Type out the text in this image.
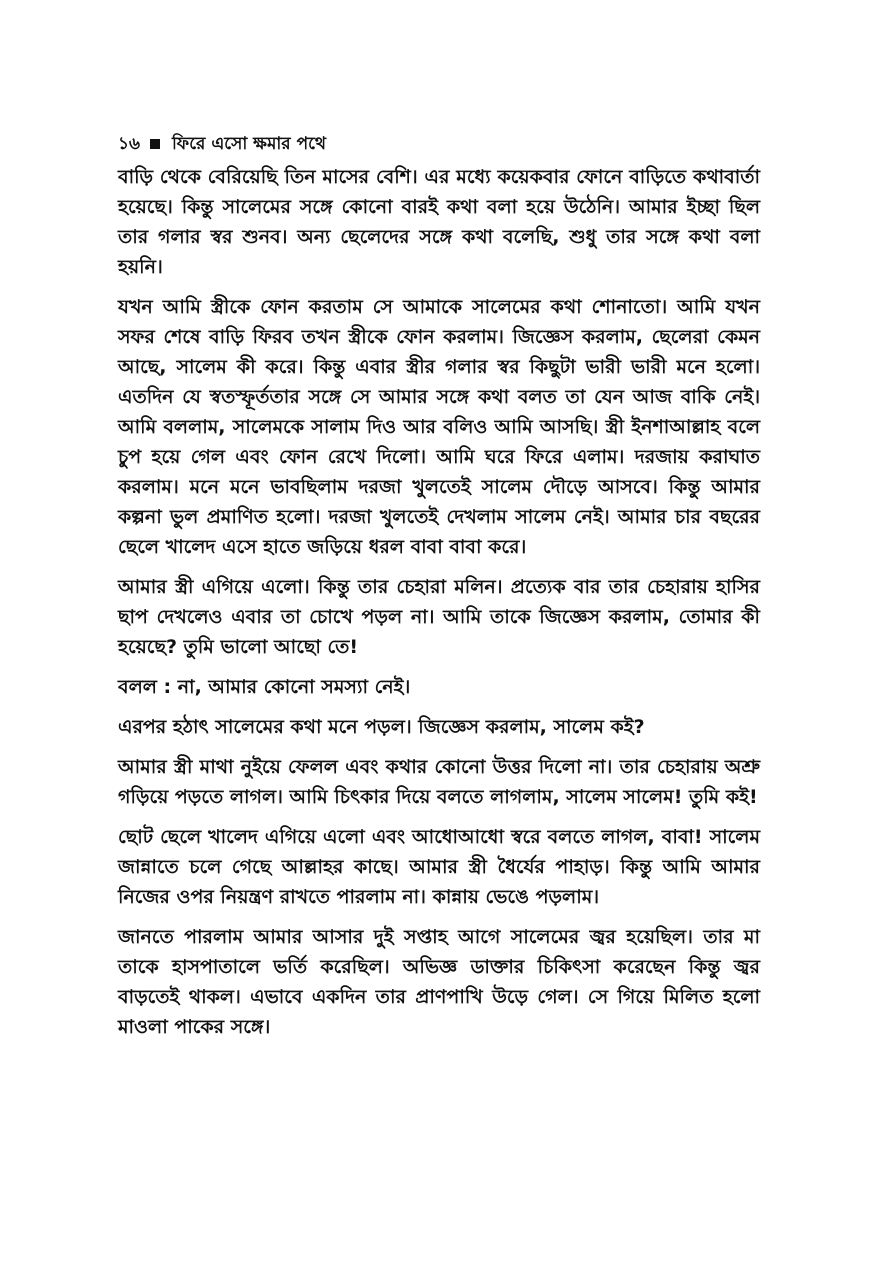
১৬ ফিরে এসো ক্ষমার পথে

বাড়ি থেকে বেরিয়েছি তিন মাসের বেশি। এর মধ্যে কয়েকবার ফোনে বাড়িতে কথাবার্তা হয়েছে। কিন্তু সালেমের সঙ্গে কোনো বারই কথা বলা হয়ে উঠেনি। আমার ইচ্ছা ছিল তার গলার স্বর শুনব। অন্য ছেলেদের সঙ্গে কথা বলেছি, শুধু তার সঙ্গে কথা বলা হয়নি।

যখন আমি স্ত্রীকে ফোন করতাম সে আমাকে সালেমের কথা শোনাতো। আমি যখন সফর শেষে বাড়ি ফিরব তখন স্ত্রীকে ফোন করলাম। জিজ্ঞেস করলাম, ছেলেরা কেমন আছে, সালেম কী করে। কিন্তু এবার স্ত্রীর গলার স্বর কিছুটা ভারী ভারী মনে হলো। এতদিন যে স্বতস্ফূর্ততার সঙ্গে সে আমার সঙ্গে কথা বলত তা যেন আজ বাকি নেই। আমি বললাম, সালেমকে সালাম দিও আর বলিও আমি আসছি। স্ত্রী ইনশাআল্লাহ বলে চুপ হয়ে গেল এবং ফোন রেখে দিলো। আমি ঘরে ফিরে এলাম। দরজায় করাঘাত করলাম। মনে মনে ভাবছিলাম দরজা খুলতেই সালেম দৌড়ে আসবে। কিন্তু আমার কল্পনা ভুল প্রমাণিত হলো। দরজা খুলতেই দেখলাম সালেম নেই। আমার চার বছরের ছেলে খালেদ এসে হাতে জড়িয়ে ধরল বাবা বাবা করে।

আমার স্ত্রী এগিয়ে এলো। কিন্তু তার চেহারা মলিন। প্রত্যেক বার তার চেহারায় হাসির ছাপ দেখলেও এবার তা চোখে পড়ল না। আমি তাকে জিজ্ঞেস করলাম, তোমার কী হয়েছে? তুমি ভালো আছো তে!

বলল : না, আমার কোনো সমস্যা নেই।

এরপর হঠাৎ সালেমের কথা মনে পড়ল। জিজ্ঞেস করলাম, সালেম কই?

আমার স্ত্রী মাথা নুইয়ে ফেলল এবং কথার কোনো উত্তর দিলো না। তার চেহারায় অশ্রু গড়িয়ে পড়তে লাগল। আমি চিৎকার দিয়ে বলতে লাগলাম, সালেম সালেম! তুমি কই!

ছোট ছেলে খালেদ এগিয়ে এলো এবং আধোআধো স্বরে বলতে লাগল, বাবা! সালেম জান্নাতে চলে গেছে আল্লাহর কাছে। আমার স্ত্রী ধৈর্যের পাহাড়। কিন্তু আমি আমার নিজের ওপর নিয়ন্ত্রণ রাখতে পারলাম না। কান্নায় ভেঙে পড়লাম।

জানতে পারলাম আমার আসার দুই সপ্তাহ আগে সালেমের জ্বর হয়েছিল। তার মা তাকে হাসপাতালে ভর্তি করেছিল। অভিজ্ঞ ডাক্তার চিকিৎসা করেছেন কিন্তু জ্বর বাড়তেই থাকল। এভাবে একদিন তার প্রাণপাখি উড়ে গেল। সে গিয়ে মিলিত হলো মাওলা পাকের সঙ্গে।
